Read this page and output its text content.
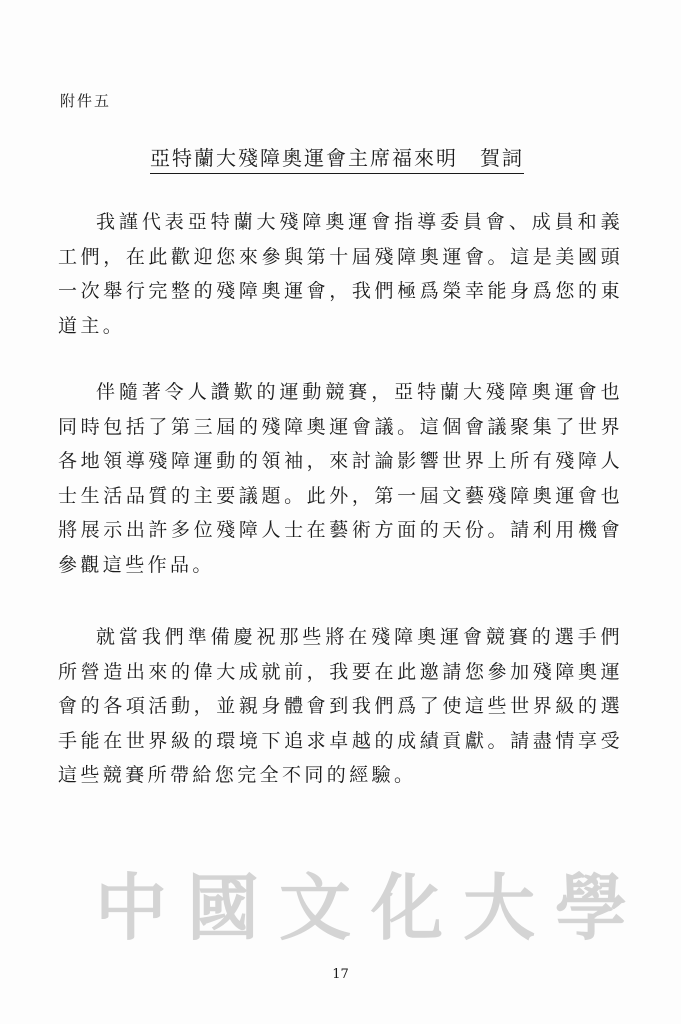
附件五
亞特蘭大殘障奧運會主席福來明　賀詞

我謹代表亞特蘭大殘障奧運會指導委員會、成員和義工們，在此歡迎您來參與第十屆殘障奧運會。這是美國頭一次舉行完整的殘障奧運會，我們極爲榮幸能身爲您的東道主。

伴隨著令人讚歎的運動競賽，亞特蘭大殘障奧運會也同時包括了第三屆的殘障奧運會議。這個會議聚集了世界各地領導殘障運動的領袖，來討論影響世界上所有殘障人士生活品質的主要議題。此外，第一屆文藝殘障奧運會也將展示出許多位殘障人士在藝術方面的天份。請利用機會參觀這些作品。

就當我們準備慶祝那些將在殘障奧運會競賽的選手們所營造出來的偉大成就前，我要在此邀請您參加殘障奧運會的各項活動，並親身體會到我們爲了使這些世界級的選手能在世界級的環境下追求卓越的成績貢獻。請盡情享受這些競賽所帶給您完全不同的經驗。

中國文化大學
17
